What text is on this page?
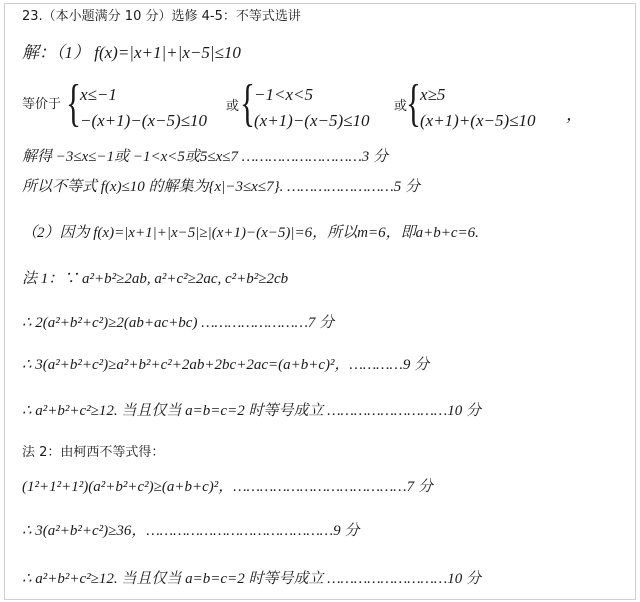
23.（本小题满分 10 分）选修 4-5：不等式选讲
解：（1） f(x)=|x+1|+|x−5|≤10
等价于 { x≤−1
−(x+1)−(x−5)≤10
或 { −1<x<5
(x+1)−(x−5)≤10
或
{ x≥5
(x+1)+(x−5)≤10 ，
解得 −3≤x≤−1或 −1<x<5或5≤x≤7 ………………………3 分
所以不等式 f(x)≤10 的解集为{x|−3≤x≤7}. ……………………5 分
（2）因为 f(x)=|x+1|+|x−5|≥|(x+1)−(x−5)|=6，所以m=6，即a+b+c=6.
法 1：∵ a²+b²≥2ab, a²+c²≥2ac, c²+b²≥2cb
∴ 2(a²+b²+c²)≥2(ab+ac+bc) ……………………7 分
∴ 3(a²+b²+c²)≥a²+b²+c²+2ab+2bc+2ac=(a+b+c)²，…………9 分
∴ a²+b²+c²≥12. 当且仅当 a=b=c=2 时等号成立 ………………………10 分
法 2：由柯西不等式得：
(1²+1²+1²)(a²+b²+c²)≥(a+b+c)²，…………………………………7 分
∴ 3(a²+b²+c²)≥36，……………………………………9 分
∴ a²+b²+c²≥12. 当且仅当 a=b=c=2 时等号成立 ………………………10 分
